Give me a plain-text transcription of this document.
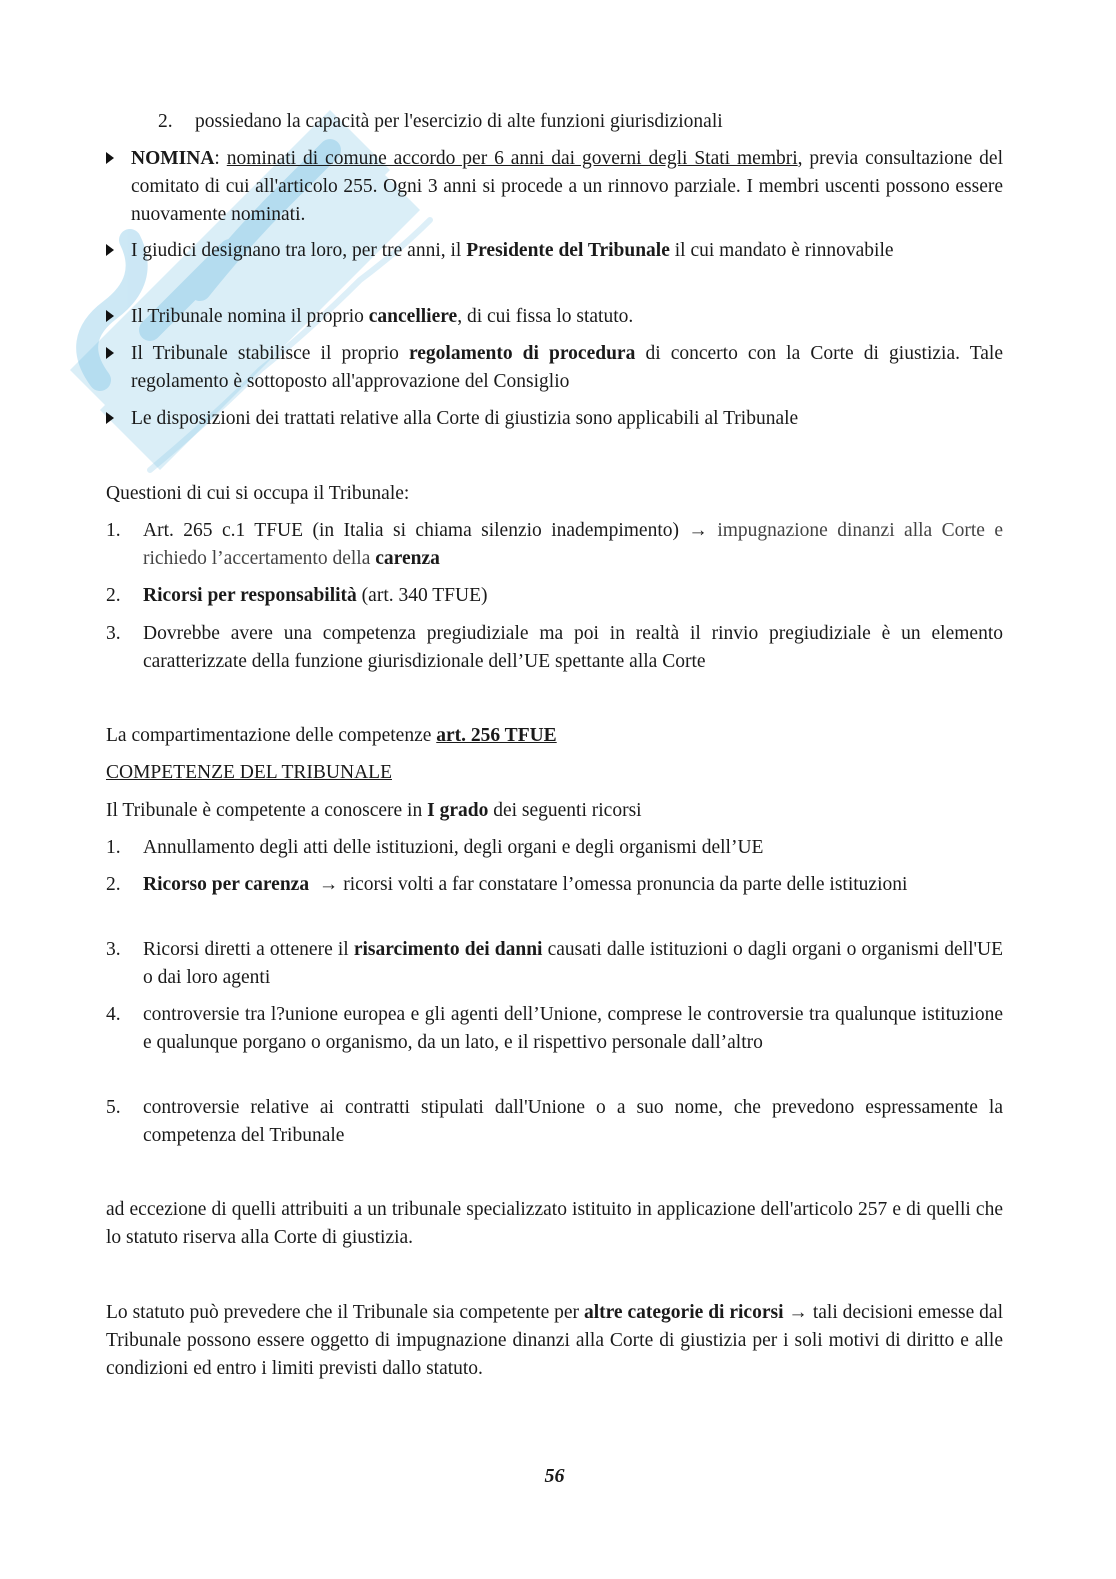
2.	possiedano la capacità per l'esercizio di alte funzioni giurisdizionali
NOMINA: nominati di comune accordo per 6 anni dai governi degli Stati membri, previa consultazione del comitato di cui all'articolo 255. Ogni 3 anni si procede a un rinnovo parziale. I membri uscenti possono essere nuovamente nominati.
I giudici designano tra loro, per tre anni, il Presidente del Tribunale il cui mandato è rinnovabile
Il Tribunale nomina il proprio cancelliere, di cui fissa lo statuto.
Il Tribunale stabilisce il proprio regolamento di procedura di concerto con la Corte di giustizia. Tale regolamento è sottoposto all'approvazione del Consiglio
Le disposizioni dei trattati relative alla Corte di giustizia sono applicabili al Tribunale
Questioni di cui si occupa il Tribunale:
1.	Art. 265 c.1 TFUE (in Italia si chiama silenzio inadempimento) → impugnazione dinanzi alla Corte e richiedo l’accertamento della carenza
2.	Ricorsi per responsabilità (art. 340 TFUE)
3.	Dovrebbe avere una competenza pregiudiziale ma poi in realtà il rinvio pregiudiziale è un elemento caratterizzate della funzione giurisdizionale dell’UE spettante alla Corte
La compartimentazione delle competenze art. 256 TFUE
COMPETENZE DEL TRIBUNALE
Il Tribunale è competente a conoscere in I grado dei seguenti ricorsi
1.	Annullamento degli atti delle istituzioni, degli organi e degli organismi dell’UE
2.	Ricorso per carenza  → ricorsi volti a far constatare l’omessa pronuncia da parte delle istituzioni
3.	Ricorsi diretti a ottenere il risarcimento dei danni causati dalle istituzioni o dagli organi o organismi dell'UE o dai loro agenti
4.	controversie tra l?unione europea e gli agenti dell’Unione, comprese le controversie tra qualunque istituzione e qualunque porgano o organismo, da un lato, e il rispettivo personale dall’altro
5.	controversie relative ai contratti stipulati dall'Unione o a suo nome, che prevedono espressamente la competenza del Tribunale
ad eccezione di quelli attribuiti a un tribunale specializzato istituito in applicazione dell'articolo 257 e di quelli che lo statuto riserva alla Corte di giustizia.
Lo statuto può prevedere che il Tribunale sia competente per altre categorie di ricorsi → tali decisioni emesse dal Tribunale possono essere oggetto di impugnazione dinanzi alla Corte di giustizia per i soli motivi di diritto e alle condizioni ed entro i limiti previsti dallo statuto.
56
